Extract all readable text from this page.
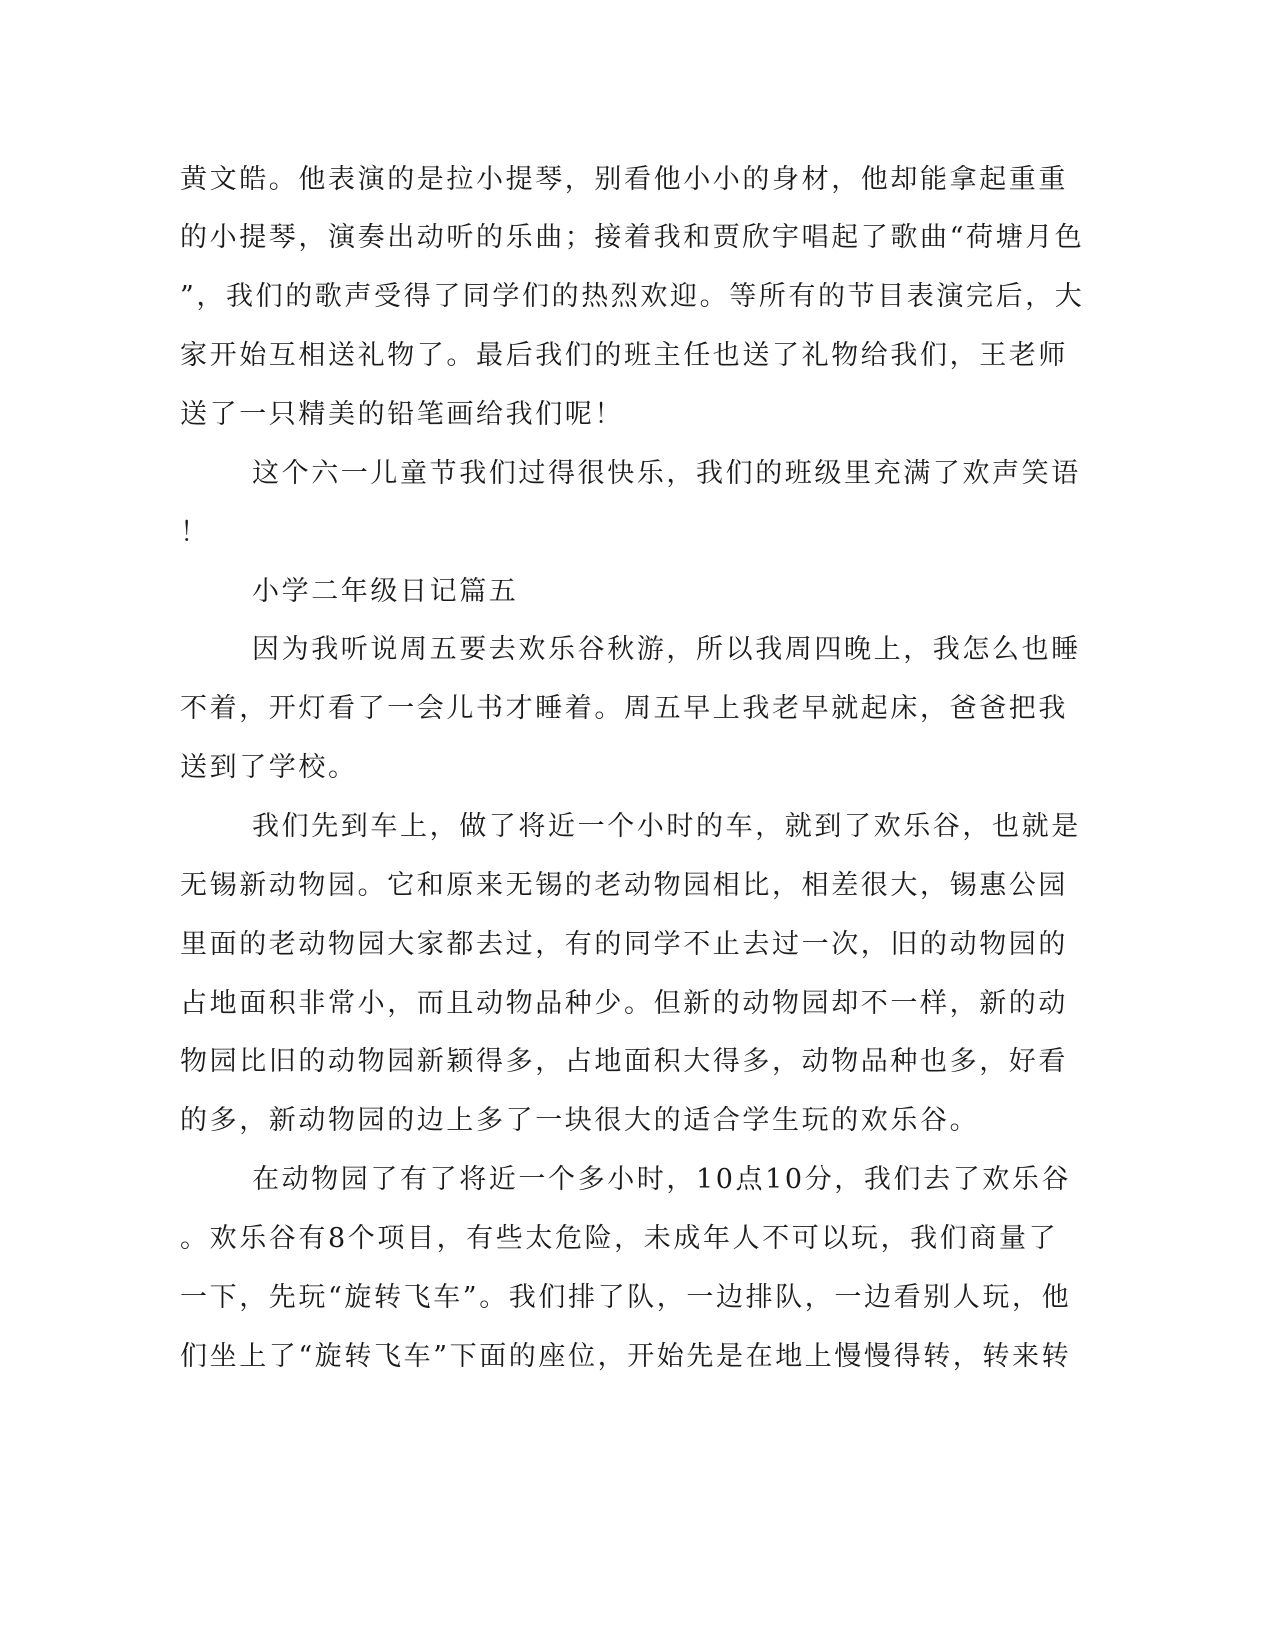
黄文皓。他表演的是拉小提琴，别看他小小的身材，他却能拿起重重
的小提琴，演奏出动听的乐曲；接着我和贾欣宇唱起了歌曲“荷塘月色
”，我们的歌声受得了同学们的热烈欢迎。等所有的节目表演完后，大
家开始互相送礼物了。最后我们的班主任也送了礼物给我们，王老师
送了一只精美的铅笔画给我们呢！
这个六一儿童节我们过得很快乐，我们的班级里充满了欢声笑语
！
小学二年级日记篇五
因为我听说周五要去欢乐谷秋游，所以我周四晚上，我怎么也睡
不着，开灯看了一会儿书才睡着。周五早上我老早就起床，爸爸把我
送到了学校。
我们先到车上，做了将近一个小时的车，就到了欢乐谷，也就是
无锡新动物园。它和原来无锡的老动物园相比，相差很大，锡惠公园
里面的老动物园大家都去过，有的同学不止去过一次，旧的动物园的
占地面积非常小，而且动物品种少。但新的动物园却不一样，新的动
物园比旧的动物园新颖得多，占地面积大得多，动物品种也多，好看
的多，新动物园的边上多了一块很大的适合学生玩的欢乐谷。
在动物园了有了将近一个多小时，10点10分，我们去了欢乐谷
。欢乐谷有8个项目，有些太危险，未成年人不可以玩，我们商量了
一下，先玩“旋转飞车”。我们排了队，一边排队，一边看别人玩，他
们坐上了“旋转飞车”下面的座位，开始先是在地上慢慢得转，转来转
